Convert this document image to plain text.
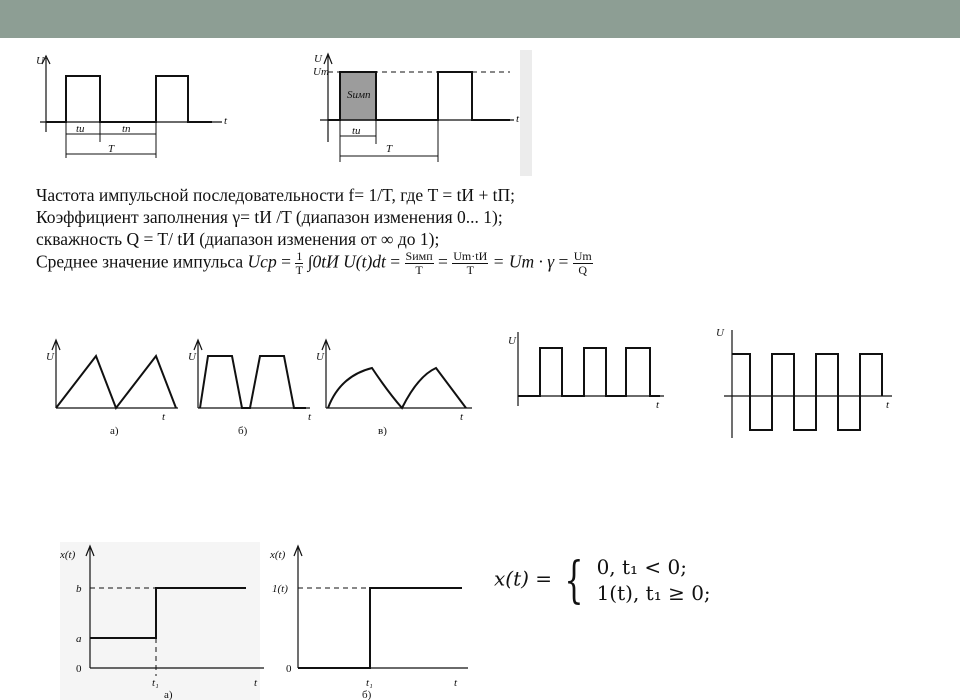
U
t
tи	tп
T
U
Um
t
Sимп
tи
T
Частота импульсной последовательности f= 1/T, где T = tИ + tП;
Коэффициент заполнения γ= tИ /T (диапазон изменения 0... 1);
скважность Q = T/ tИ (диапазон изменения от ∞ до 1);
Среднее значение импульса Uср = $\frac{1}{T} \int 0tИ$ $U(t)dt = \frac{\text{Sимп}}{T} = \frac{Um\cdot tИ}{T} = Um \cdot \gamma = \frac{Um}{Q}$
U
t
а)
U
t
б)
U
t
в)
U
t
U
t
x(t)
b
a
0
t₁	t
а)
x(t)
1(t)
0
t₁	t
б)
x(t) = { 0, t₁ < 0;
1(t), t₁ ≥ 0;
